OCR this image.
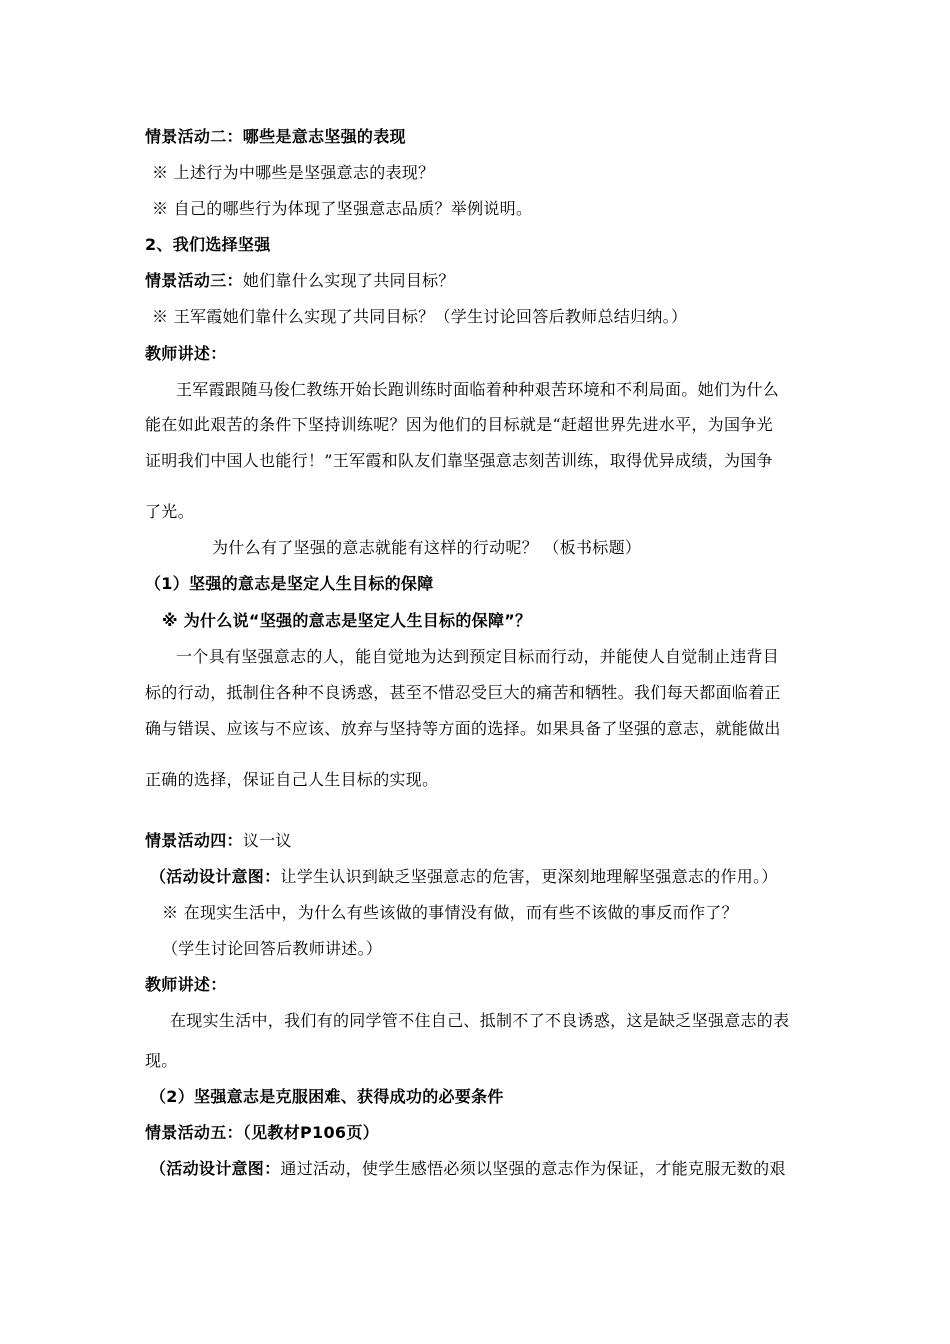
情景活动二：哪些是意志坚强的表现
※ 上述行为中哪些是坚强意志的表现？
※ 自己的哪些行为体现了坚强意志品质？举例说明。
2、我们选择坚强
情景活动三：她们靠什么实现了共同目标？
※ 王军霞她们靠什么实现了共同目标？（学生讨论回答后教师总结归纳。）
教师讲述：
王军霞跟随马俊仁教练开始长跑训练时面临着种种艰苦环境和不利局面。她们为什么
能在如此艰苦的条件下坚持训练呢？因为他们的目标就是“赶超世界先进水平，为国争光
证明我们中国人也能行！”王军霞和队友们靠坚强意志刻苦训练，取得优异成绩，为国争
了光。
为什么有了坚强的意志就能有这样的行动呢？ （板书标题）
（1）坚强的意志是坚定人生目标的保障
※ 为什么说“坚强的意志是坚定人生目标的保障”？
一个具有坚强意志的人，能自觉地为达到预定目标而行动，并能使人自觉制止违背目
标的行动，抵制住各种不良诱惑，甚至不惜忍受巨大的痛苦和牺牲。我们每天都面临着正
确与错误、应该与不应该、放弃与坚持等方面的选择。如果具备了坚强的意志，就能做出
正确的选择，保证自己人生目标的实现。
情景活动四：议一议
（活动设计意图：让学生认识到缺乏坚强意志的危害，更深刻地理解坚强意志的作用。）
※ 在现实生活中，为什么有些该做的事情没有做，而有些不该做的事反而作了？
（学生讨论回答后教师讲述。）
教师讲述：
在现实生活中，我们有的同学管不住自己、抵制不了不良诱惑，这是缺乏坚强意志的表
现。
（2）坚强意志是克服困难、获得成功的必要条件
情景活动五：（见教材P106页）
（活动设计意图：通过活动，使学生感悟必须以坚强的意志作为保证，才能克服无数的艰
